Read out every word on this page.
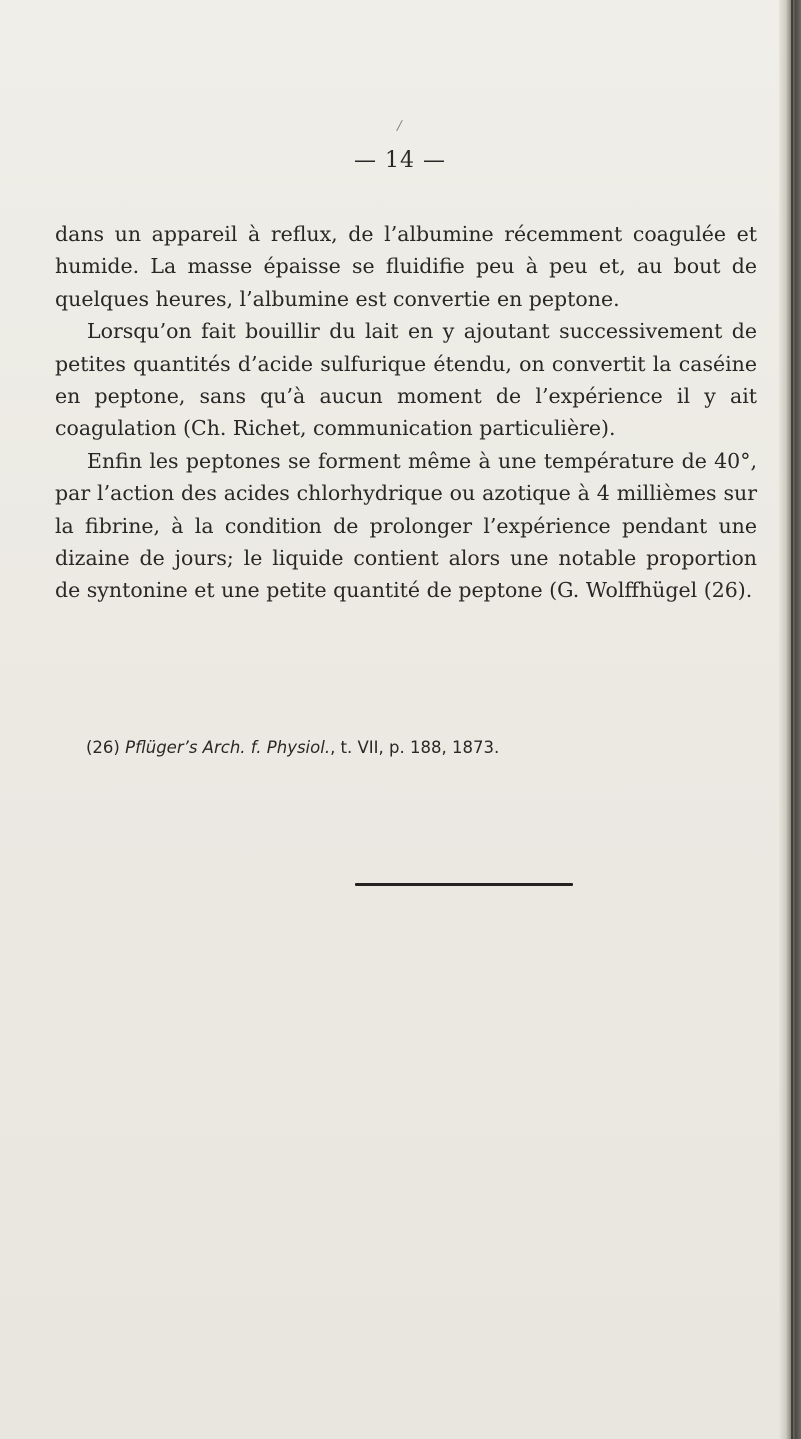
/
— 14 —

dans un appareil à reflux, de l’albumine récemment coagulée et humide. La masse épaisse se fluidifie peu à peu et, au bout de quelques heures, l’albumine est convertie en peptone.

Lorsqu’on fait bouillir du lait en y ajoutant successivement de petites quantités d’acide sulfurique étendu, on convertit la caséine en peptone, sans qu’à aucun moment de l’expérience il y ait coagulation (Ch. Richet, communication particulière).

Enfin les peptones se forment même à une température de 40°, par l’action des acides chlorhydrique ou azotique à 4 millièmes sur la fibrine, à la condition de prolonger l’expérience pendant une dizaine de jours; le liquide contient alors une notable proportion de syntonine et une petite quantité de peptone (G. Wolffhügel (26).

(26) Pflüger’s Arch. f. Physiol., t. VII, p. 188, 1873.
